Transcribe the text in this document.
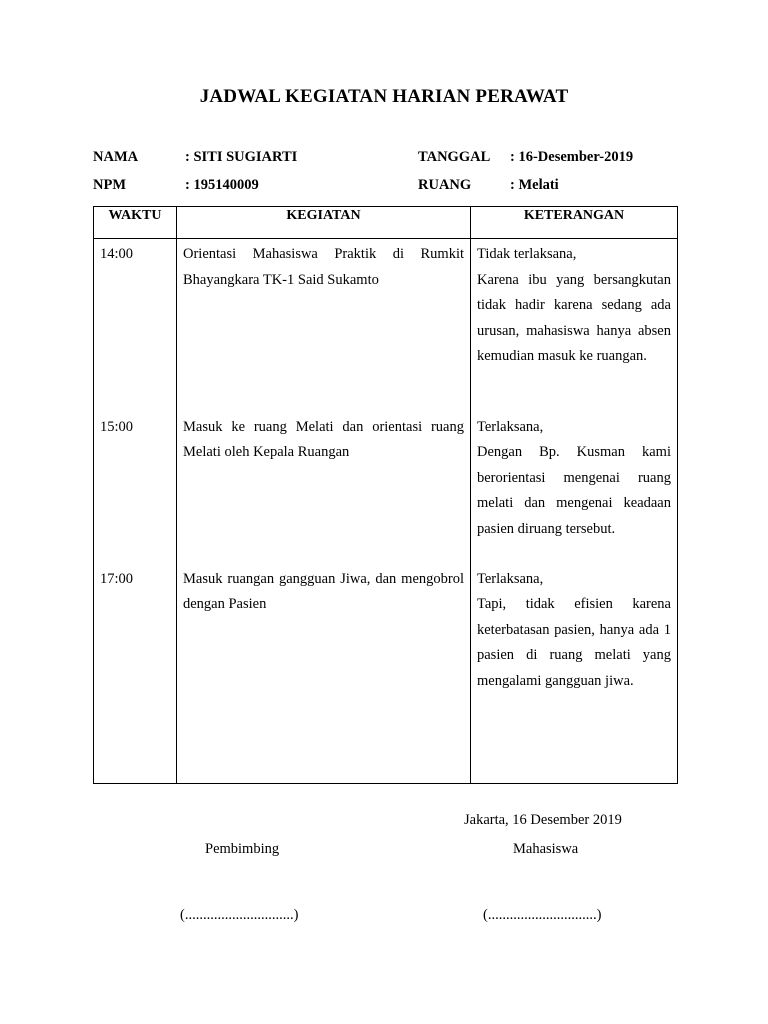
JADWAL KEGIATAN HARIAN PERAWAT
NAMA	: SITI SUGIARTI	TANGGAL : 16-Desember-2019
NPM	: 195140009	RUANG	: Melati
WAKTU	KEGIATAN	KETERANGAN
14:00	Orientasi Mahasiswa Praktik di Rumkit Bhayangkara TK-1 Said Sukamto	Tidak terlaksana,
Karena ibu yang bersangkutan tidak hadir karena sedang ada urusan, mahasiswa hanya absen kemudian masuk ke ruangan.

15:00	Masuk ke ruang Melati dan orientasi ruang Melati oleh Kepala Ruangan	Terlaksana,
Dengan Bp. Kusman kami berorientasi mengenai ruang melati dan mengenai keadaan pasien diruang tersebut.

17:00	Masuk ruangan gangguan Jiwa, dan mengobrol dengan Pasien	Terlaksana,
Tapi, tidak efisien karena keterbatasan pasien, hanya ada 1 pasien di ruang melati yang mengalami gangguan jiwa.
Jakarta, 16 Desember 2019
Pembimbing	Mahasiswa
(..............................)	(..............................)
